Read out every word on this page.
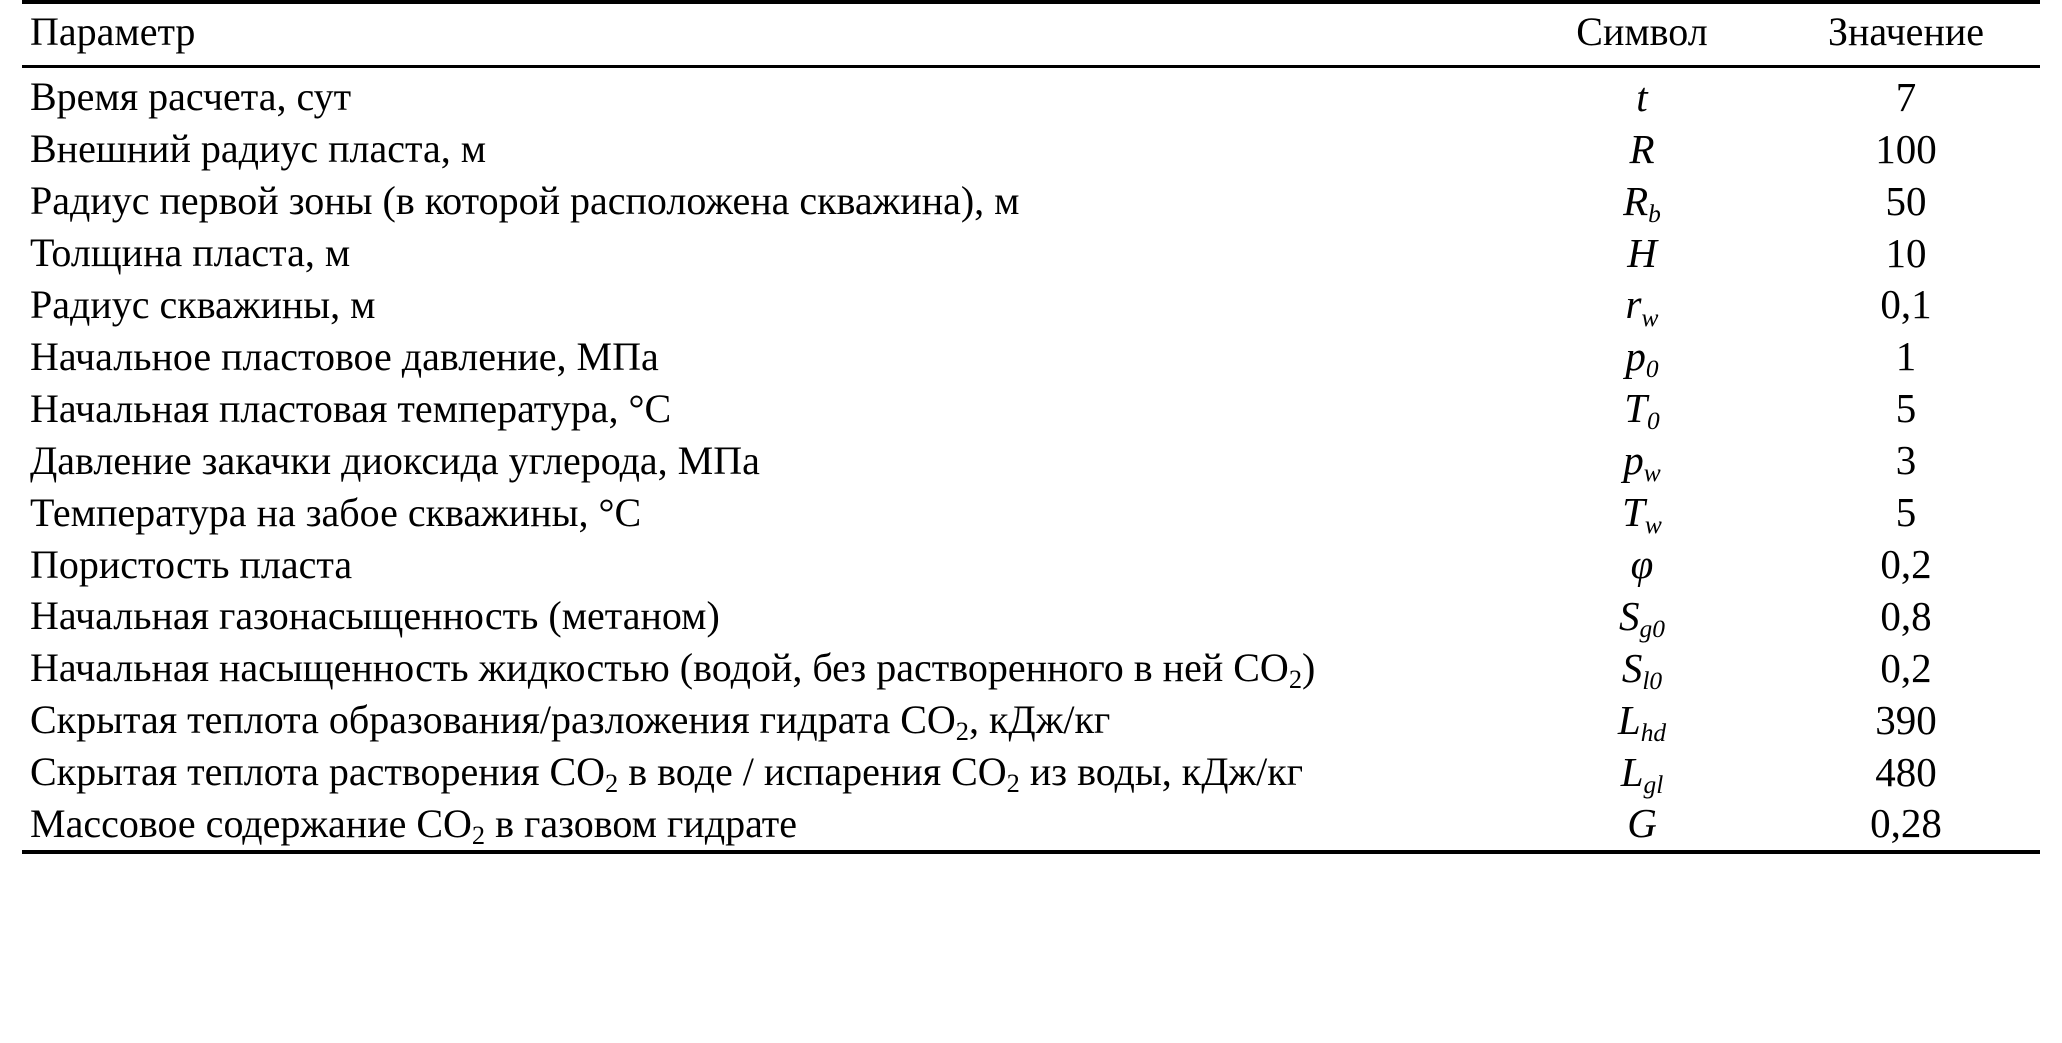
Параметр	Символ	Значение

Время расчета, сут	t	7

Внешний радиус пласта, м	R	100

Радиус первой зоны (в которой расположена скважина), м	$R_b$	50

Толщина пласта, м	H	10

Радиус скважины, м	$r_w$	0,1

Начальное пластовое давление, МПа	$p_0$	1

Начальная пластовая температура, °C	$T_0$	5

Давление закачки диоксида углерода, МПа	$p_w$	3

Температура на забое скважины, °C	$T_w$	5

Пористость пласта	φ	0,2

Начальная газонасыщенность (метаном)	$S_{g0}$	0,8

Начальная насыщенность жидкостью (водой, без растворенного в ней $CO_2$)	$S_{l0}$	0,2

Скрытая теплота образования/разложения гидрата $CO_2$, кДж/кг	$L_{hd}$	390

Скрытая теплота растворения $CO_2$ в воде / испарения $CO_2$ из воды, кДж/кг	$L_{gl}$	480

Массовое содержание $CO_2$ в газовом гидрате	G	0,28
